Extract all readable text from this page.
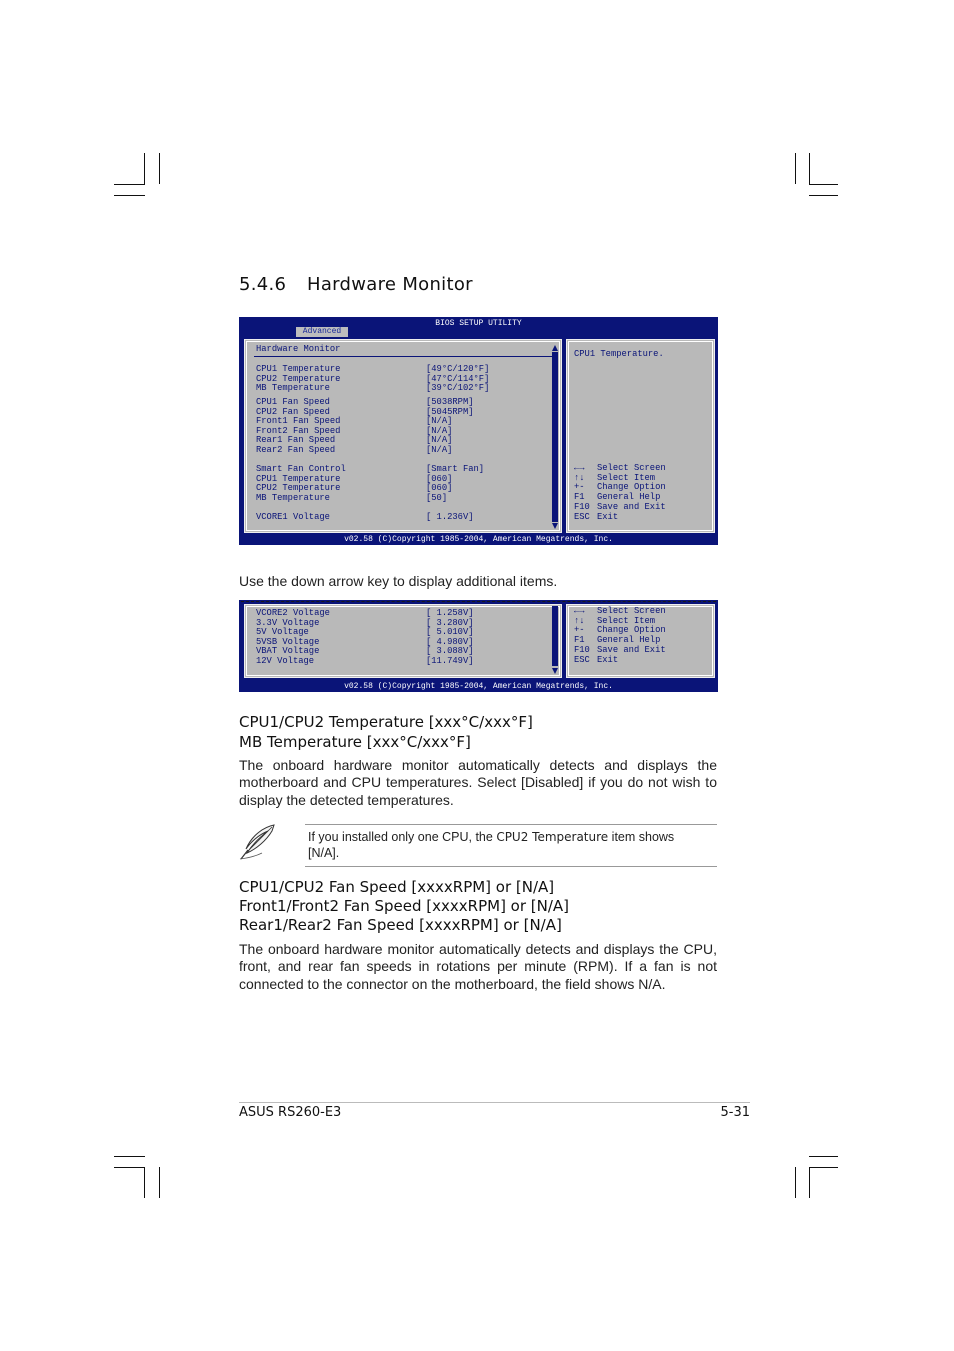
5.4.6 Hardware Monitor
BIOS SETUP UTILITY
Advanced
Hardware Monitor
CPU1 Temperature	[49°C/120°F]
CPU2 Temperature	[47°C/114°F]
MB Temperature	[39°C/102°F]
CPU1 Fan Speed	[5038RPM]
CPU2 Fan Speed	[5045RPM]
Front1 Fan Speed	[N/A]
Front2 Fan Speed	[N/A]
Rear1 Fan Speed	[N/A]
Rear2 Fan Speed	[N/A]
Smart Fan Control	[Smart Fan]
CPU1 Temperature	[060]
CPU2 Temperature	[060]
MB Temperature	[50]
VCORE1 Voltage	[ 1.236V]
CPU1 Temperature.
←→ Select Screen
↑↓ Select Item
+- Change Option
F1 General Help
F10 Save and Exit
ESC Exit
v02.58 (C)Copyright 1985-2004, American Megatrends, Inc.
Use the down arrow key to display additional items.
VCORE2 Voltage	[ 1.258V]
3.3V Voltage	[ 3.280V]
5V Voltage	[ 5.010V]
5VSB Voltage	[ 4.980V]
VBAT Voltage	[ 3.088V]
12V Voltage	[11.749V]
←→ Select Screen
↑↓ Select Item
+- Change Option
F1 General Help
F10 Save and Exit
ESC Exit
v02.58 (C)Copyright 1985-2004, American Megatrends, Inc.
CPU1/CPU2 Temperature [xxx°C/xxx°F]
MB Temperature [xxx°C/xxx°F]
The onboard hardware monitor automatically detects and displays the motherboard and CPU temperatures. Select [Disabled] if you do not wish to display the detected temperatures.
If you installed only one CPU, the CPU2 Temperature item shows [N/A].
CPU1/CPU2 Fan Speed [xxxxRPM] or [N/A]
Front1/Front2 Fan Speed [xxxxRPM] or [N/A]
Rear1/Rear2 Fan Speed [xxxxRPM] or [N/A]
The onboard hardware monitor automatically detects and displays the CPU, front, and rear fan speeds in rotations per minute (RPM). If a fan is not connected to the connector on the motherboard, the field shows N/A.
ASUS RS260-E3	5-31
